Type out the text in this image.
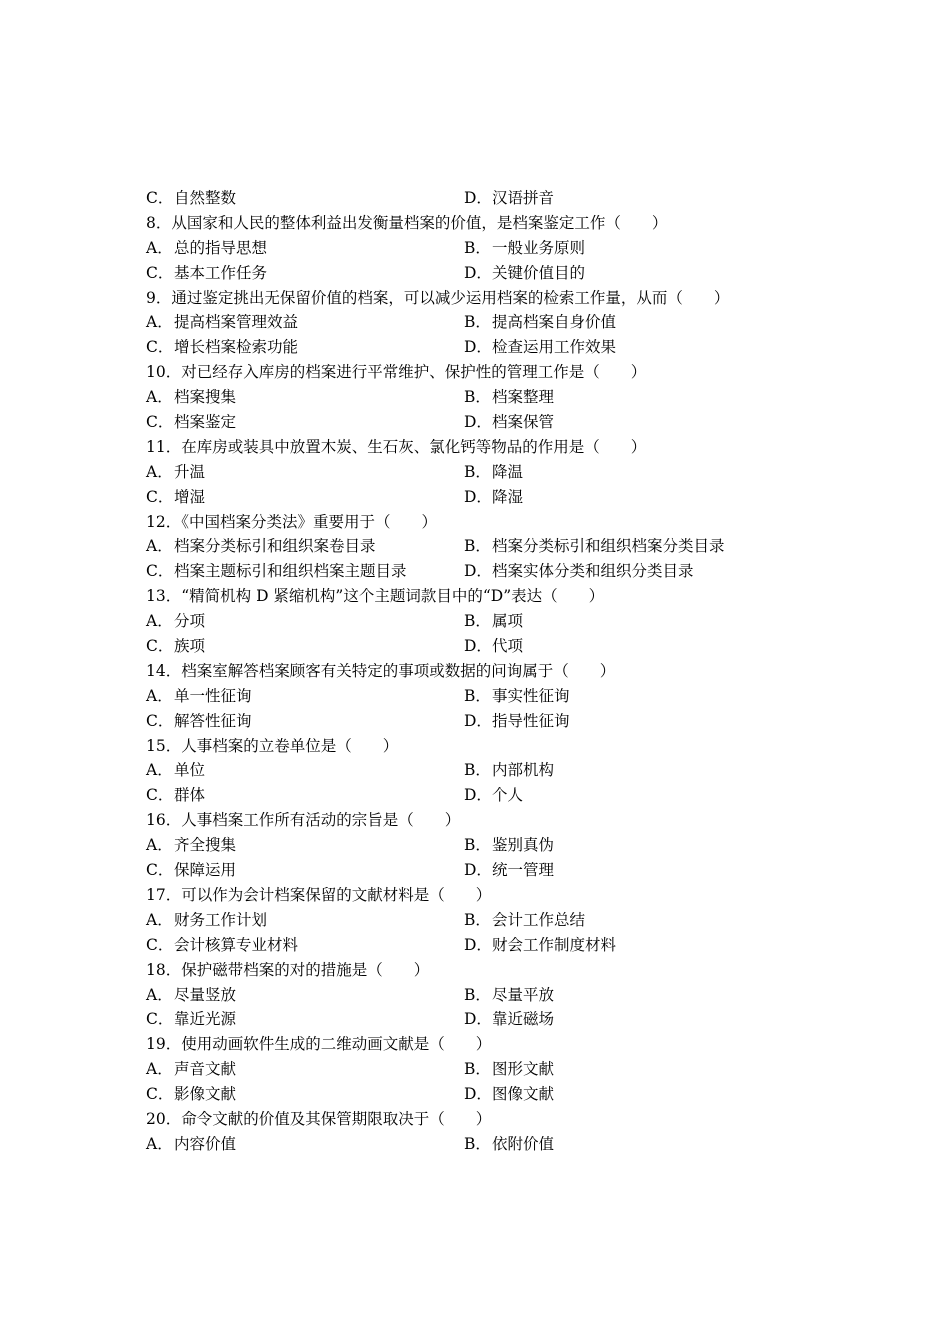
C．自然整数	D．汉语拼音
8．从国家和人民的整体利益出发衡量档案的价值，是档案鉴定工作（　　）
A．总的指导思想	B．一般业务原则
C．基本工作任务	D．关键价值目的
9．通过鉴定挑出无保留价值的档案，可以减少运用档案的检索工作量，从而（　　）
A．提高档案管理效益	B．提高档案自身价值
C．增长档案检索功能	D．检查运用工作效果
10．对已经存入库房的档案进行平常维护、保护性的管理工作是（　　）
A．档案搜集	B．档案整理
C．档案鉴定	D．档案保管
11．在库房或装具中放置木炭、生石灰、氯化钙等物品的作用是（　　）
A．升温	B．降温
C．增湿	D．降湿
12．《中国档案分类法》重要用于（　　）
A．档案分类标引和组织案卷目录	B．档案分类标引和组织档案分类目录
C．档案主题标引和组织档案主题目录	D．档案实体分类和组织分类目录
13．“精简机构 D 紧缩机构”这个主题词款目中的“D”表达（　　）
A．分项	B．属项
C．族项	D．代项
14．档案室解答档案顾客有关特定的事项或数据的问询属于（　　）
A．单一性征询	B．事实性征询
C．解答性征询	D．指导性征询
15．人事档案的立卷单位是（　　）
A．单位	B．内部机构
C．群体	D．个人
16．人事档案工作所有活动的宗旨是（　　）
A．齐全搜集	B．鉴别真伪
C．保障运用	D．统一管理
17．可以作为会计档案保留的文献材料是（　　）
A．财务工作计划	B．会计工作总结
C．会计核算专业材料	D．财会工作制度材料
18．保护磁带档案的对的措施是（　　）
A．尽量竖放	B．尽量平放
C．靠近光源	D．靠近磁场
19．使用动画软件生成的二维动画文献是（　　）
A．声音文献	B．图形文献
C．影像文献	D．图像文献
20．命令文献的价值及其保管期限取决于（　　）
A．内容价值	B．依附价值
